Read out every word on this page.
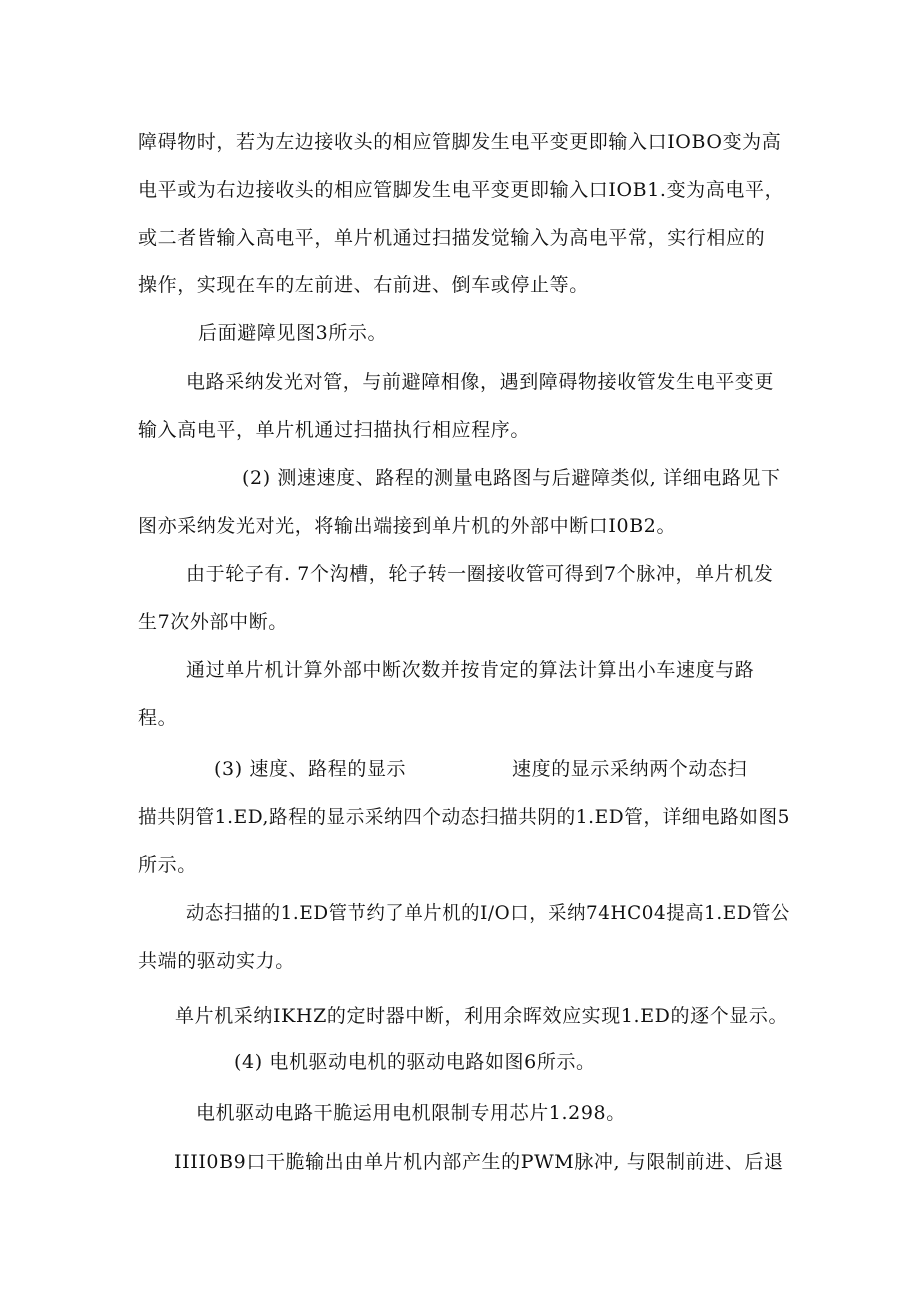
障碍物时，若为左边接收头的相应管脚发生电平变更即输入口IOBO变为高
电平或为右边接收头的相应管脚发生电平变更即输入口IOB1.变为高电平，
或二者皆输入高电平，单片机通过扫描发觉输入为高电平常，实行相应的
操作，实现在车的左前进、右前进、倒车或停止等。
后面避障见图3所示。
电路采纳发光对管，与前避障相像，遇到障碍物接收管发生电平变更
输入高电平，单片机通过扫描执行相应程序。
(2) 测速速度、路程的测量电路图与后避障类似, 详细电路见下
图亦采纳发光对光，将输出端接到单片机的外部中断口I0B2。
由于轮子有. 7个沟槽，轮子转一圈接收管可得到7个脉冲，单片机发
生7次外部中断。
通过单片机计算外部中断次数并按肯定的算法计算出小车速度与路
程。
(3) 速度、路程的显示	速度的显示采纳两个动态扫
描共阴管1.ED,路程的显示采纳四个动态扫描共阴的1.ED管，详细电路如图5
所示。
动态扫描的1.ED管节约了单片机的I/O口，采纳74HC04提高1.ED管公
共端的驱动实力。
单片机采纳IKHZ的定时器中断，利用余晖效应实现1.ED的逐个显示。
(4) 电机驱动电机的驱动电路如图6所示。
电机驱动电路干脆运用电机限制专用芯片1.298。
IIII0B9口干脆输出由单片机内部产生的PWM脉冲, 与限制前进、后退
